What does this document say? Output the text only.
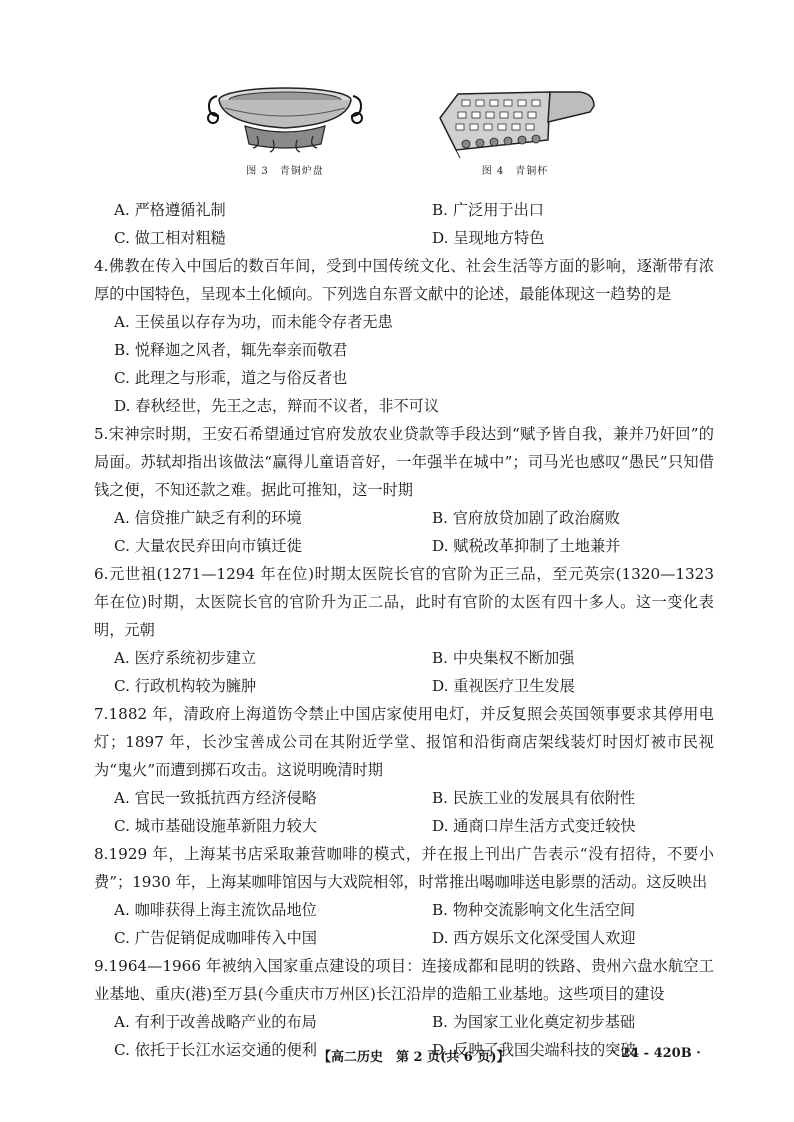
图 3　青铜炉盘	图 4　青铜杯
A. 严格遵循礼制	B. 广泛用于出口
C. 做工相对粗糙	D. 呈现地方特色
4.佛教在传入中国后的数百年间，受到中国传统文化、社会生活等方面的影响，逐渐带有浓厚的中国特色，呈现本土化倾向。下列选自东晋文献中的论述，最能体现这一趋势的是
A. 王侯虽以存存为功，而未能令存者无患
B. 悦释迦之风者，辄先奉亲而敬君
C. 此理之与形乖，道之与俗反者也
D. 春秋经世，先王之志，辩而不议者，非不可议
5.宋神宗时期，王安石希望通过官府发放农业贷款等手段达到“赋予皆自我，兼并乃奸回”的局面。苏轼却指出该做法“赢得儿童语音好，一年强半在城中”；司马光也感叹“愚民”只知借钱之便，不知还款之难。据此可推知，这一时期
A. 信贷推广缺乏有利的环境	B. 官府放贷加剧了政治腐败
C. 大量农民弃田向市镇迁徙	D. 赋税改革抑制了土地兼并
6.元世祖(1271—1294 年在位)时期太医院长官的官阶为正三品，至元英宗(1320—1323 年在位)时期，太医院长官的官阶升为正二品，此时有官阶的太医有四十多人。这一变化表明，元朝
A. 医疗系统初步建立	B. 中央集权不断加强
C. 行政机构较为臃肿	D. 重视医疗卫生发展
7.1882 年，清政府上海道饬令禁止中国店家使用电灯，并反复照会英国领事要求其停用电灯；1897 年，长沙宝善成公司在其附近学堂、报馆和沿街商店架线装灯时因灯被市民视为“鬼火”而遭到掷石攻击。这说明晚清时期
A. 官民一致抵抗西方经济侵略	B. 民族工业的发展具有依附性
C. 城市基础设施革新阻力较大	D. 通商口岸生活方式变迁较快
8.1929 年，上海某书店采取兼营咖啡的模式，并在报上刊出广告表示“没有招待，不要小费”；1930 年，上海某咖啡馆因与大戏院相邻，时常推出喝咖啡送电影票的活动。这反映出
A. 咖啡获得上海主流饮品地位	B. 物种交流影响文化生活空间
C. 广告促销促成咖啡传入中国	D. 西方娱乐文化深受国人欢迎
9.1964—1966 年被纳入国家重点建设的项目：连接成都和昆明的铁路、贵州六盘水航空工业基地、重庆(港)至万县(今重庆市万州区)长江沿岸的造船工业基地。这些项目的建设
A. 有利于改善战略产业的布局	B. 为国家工业化奠定初步基础
C. 依托于长江水运交通的便利	D. 反映了我国尖端科技的突破
【高二历史　第 2 页(共 6 页)】	· 24 - 420B ·
